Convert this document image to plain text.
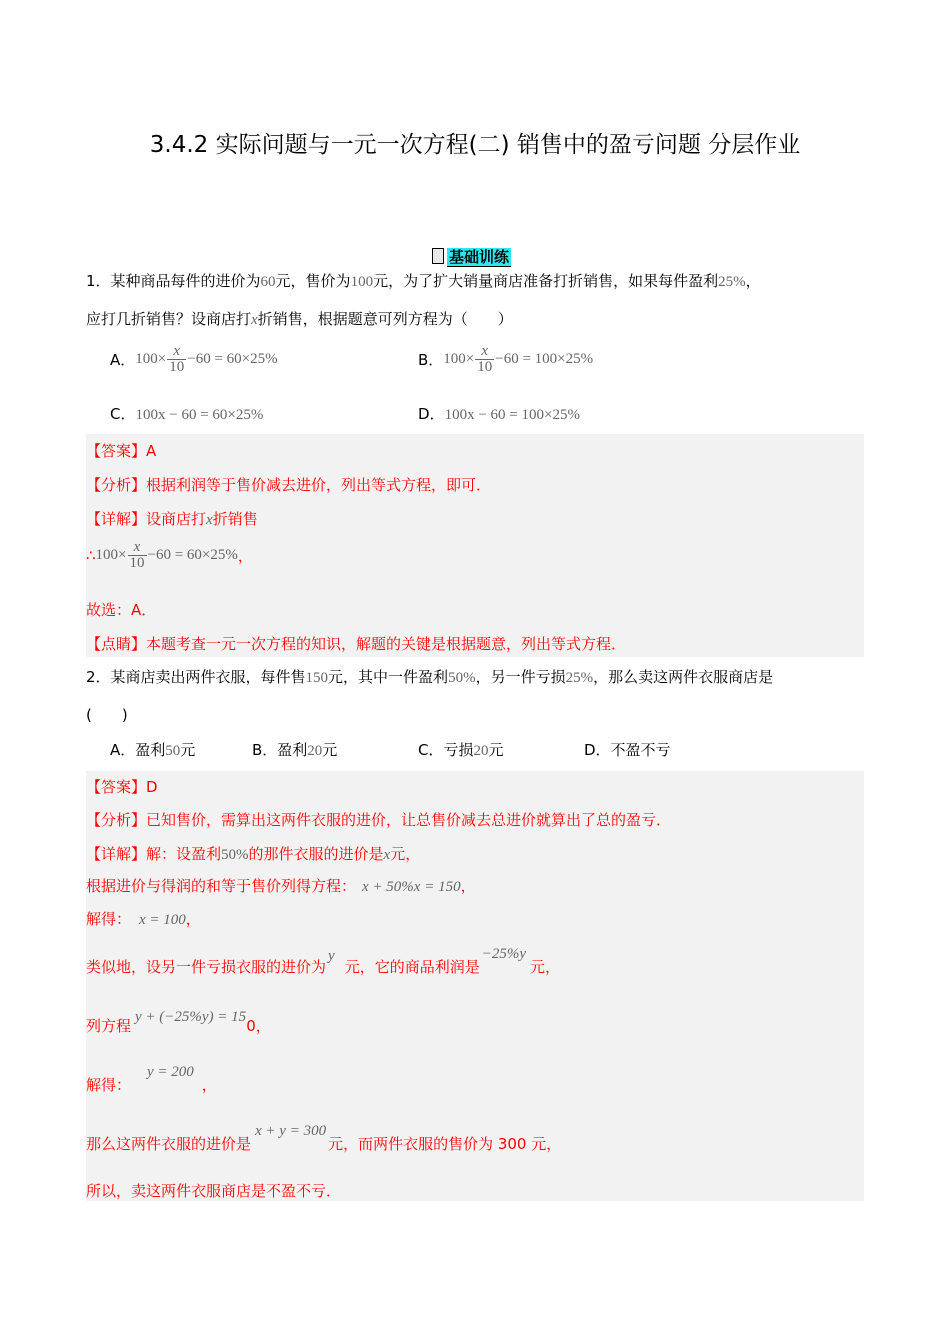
3.4.2 实际问题与一元一次方程(二) 销售中的盈亏问题 分层作业
基础训练
1．某种商品每件的进价为60元，售价为100元，为了扩大销量商店准备打折销售，如果每件盈利25%，
应打几折销售？设商店打x折销售，根据题意可列方程为（　　）
A．$100\times \frac{x}{10} -60 = 60\times 25\%$	B．$100\times \frac{x}{10} -60 = 100\times 25\%$
C．100x − 60 = 60×25%	D．100x − 60 = 100×25%
【答案】A
【分析】根据利润等于售价减去进价，列出等式方程，即可．
【详解】设商店打x折销售
∴100× $\frac{x}{10} -60 = 60\times 25\%$，
故选：A．
【点睛】本题考查一元一次方程的知识，解题的关键是根据题意，列出等式方程．
2．某商店卖出两件衣服，每件售150元，其中一件盈利50%，另一件亏损25%，那么卖这两件衣服商店是
(　　)
A．盈利50元	B．盈利20元	C．亏损20元	D．不盈不亏
【答案】D
【分析】已知售价，需算出这两件衣服的进价，让总售价减去总进价就算出了总的盈亏．
【详解】解：设盈利50%的那件衣服的进价是x元，
根据进价与得润的和等于售价列得方程： x + 50%x = 150，
解得： x = 100，
类似地，设另一件亏损衣服的进价为y元，它的商品利润是−25%y元，
列方程 y + (−25%y) = 150，
解得：y = 200，
那么这两件衣服的进价是x + y = 300元，而两件衣服的售价为 300 元，
所以，卖这两件衣服商店是不盈不亏．
